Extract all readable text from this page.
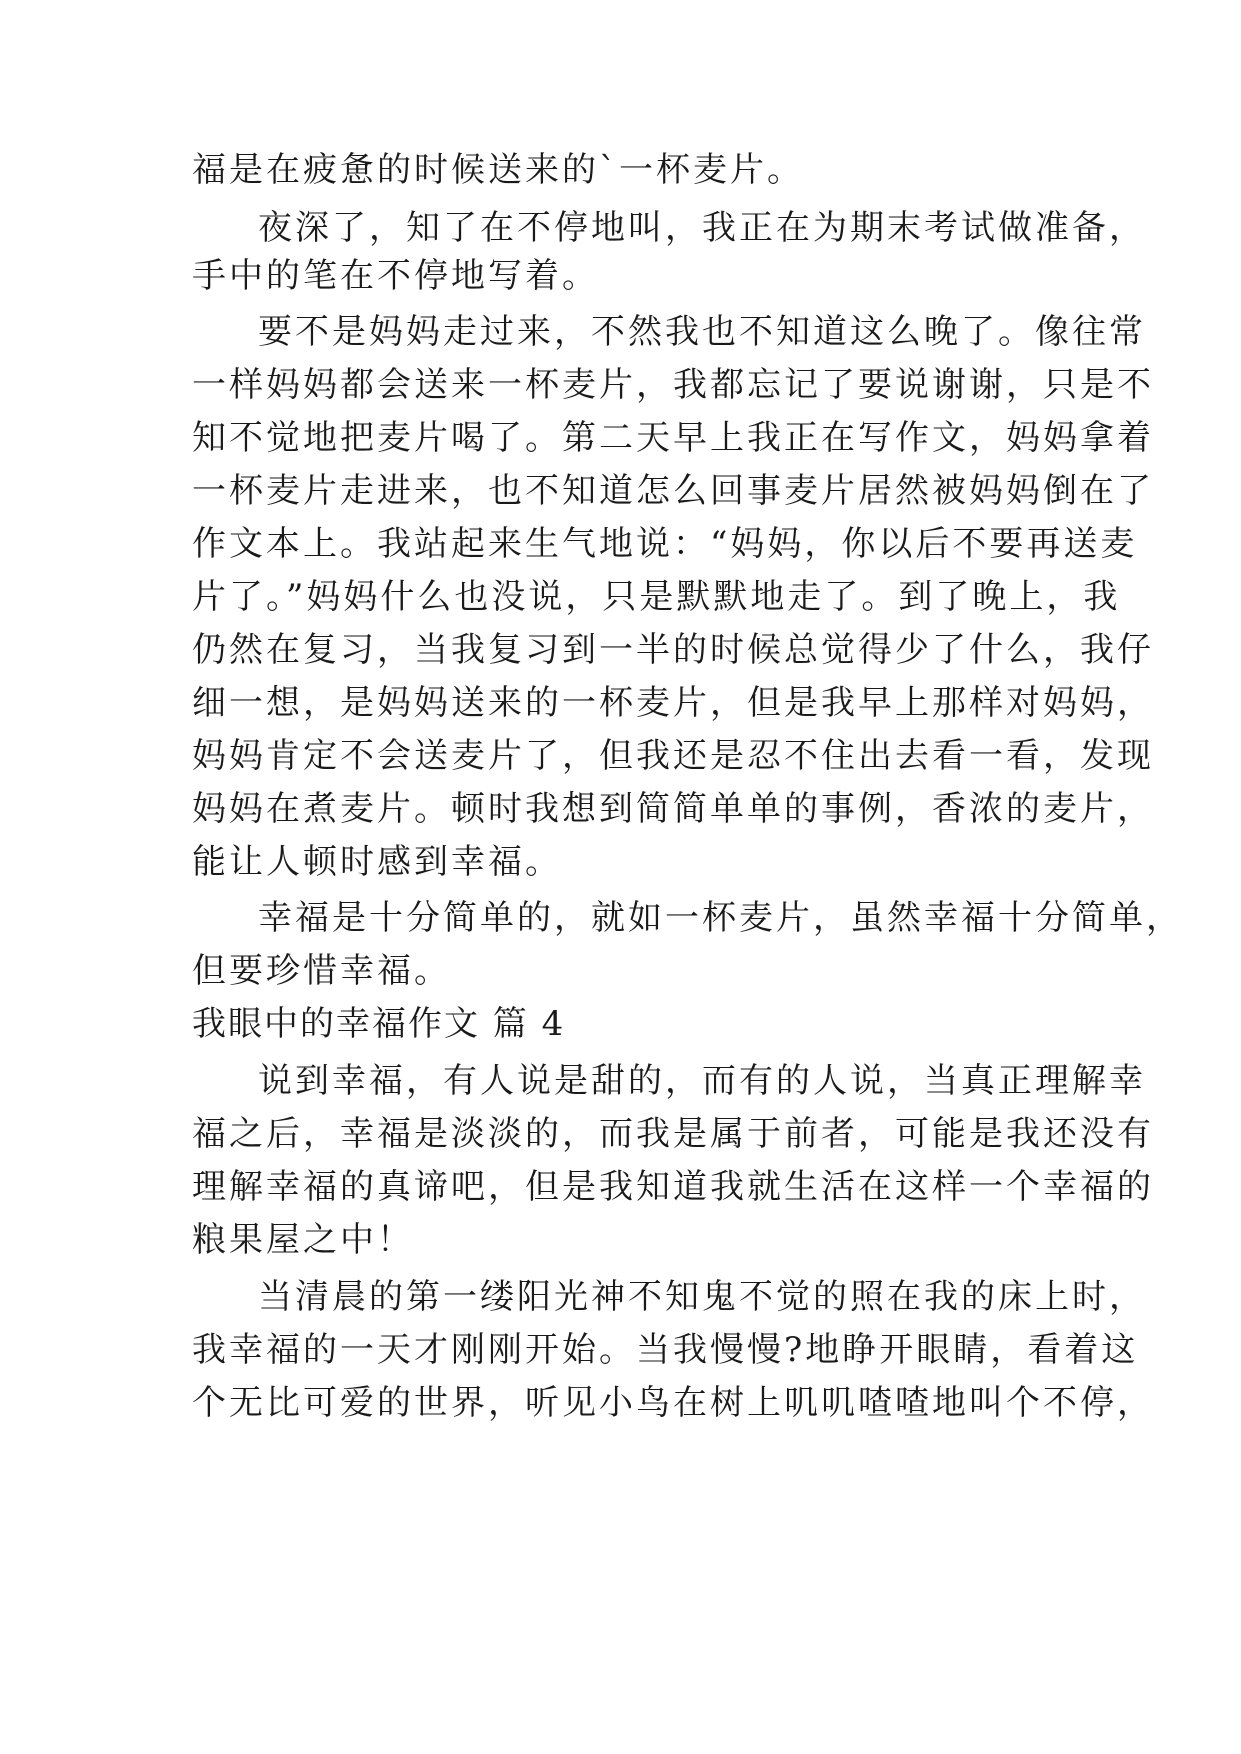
福是在疲惫的时候送来的`一杯麦片。
夜深了，知了在不停地叫，我正在为期末考试做准备，
手中的笔在不停地写着。
要不是妈妈走过来，不然我也不知道这么晚了。像往常
一样妈妈都会送来一杯麦片，我都忘记了要说谢谢，只是不
知不觉地把麦片喝了。第二天早上我正在写作文，妈妈拿着
一杯麦片走进来，也不知道怎么回事麦片居然被妈妈倒在了
作文本上。我站起来生气地说：“妈妈，你以后不要再送麦
片了。”妈妈什么也没说，只是默默地走了。到了晚上，我
仍然在复习，当我复习到一半的时候总觉得少了什么，我仔
细一想，是妈妈送来的一杯麦片，但是我早上那样对妈妈，
妈妈肯定不会送麦片了，但我还是忍不住出去看一看，发现
妈妈在煮麦片。顿时我想到简简单单的事例，香浓的麦片，
能让人顿时感到幸福。
幸福是十分简单的，就如一杯麦片，虽然幸福十分简单，
但要珍惜幸福。
我眼中的幸福作文 篇 4
说到幸福，有人说是甜的，而有的人说，当真正理解幸
福之后，幸福是淡淡的，而我是属于前者，可能是我还没有
理解幸福的真谛吧，但是我知道我就生活在这样一个幸福的
粮果屋之中！
当清晨的第一缕阳光神不知鬼不觉的照在我的床上时，
我幸福的一天才刚刚开始。当我慢慢?地睁开眼睛，看着这
个无比可爱的世界，听见小鸟在树上叽叽喳喳地叫个不停，
